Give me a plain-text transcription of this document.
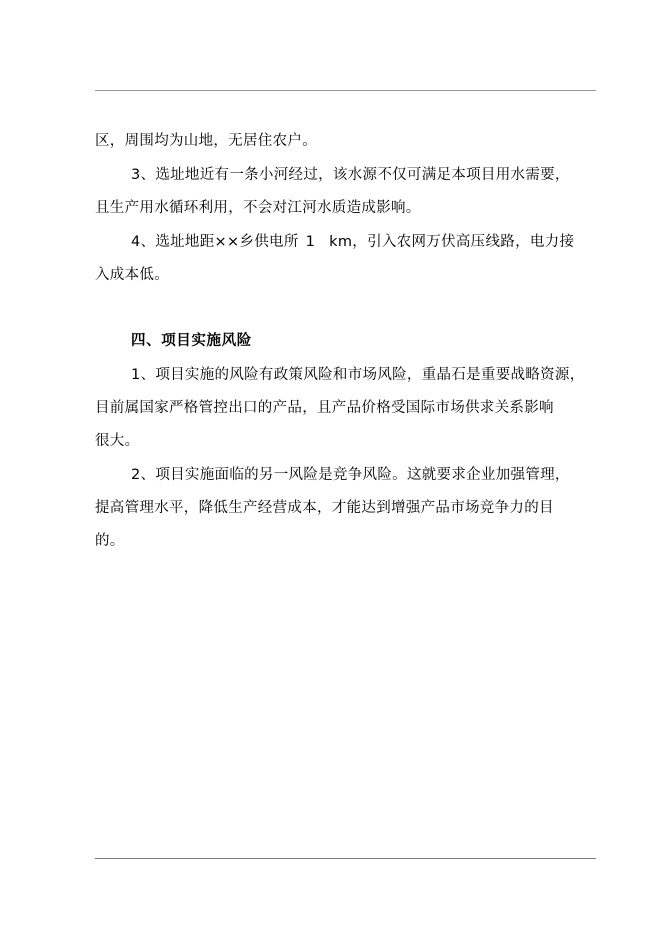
区，周围均为山地，无居住农户。
3、选址地近有一条小河经过，该水源不仅可满足本项目用水需要，
且生产用水循环利用，不会对江河水质造成影响。
4、选址地距××乡供电所 1 km，引入农网万伏高压线路，电力接
入成本低。
四、项目实施风险
1、项目实施的风险有政策风险和市场风险，重晶石是重要战略资源，
目前属国家严格管控出口的产品，且产品价格受国际市场供求关系影响
很大。
2、项目实施面临的另一风险是竞争风险。这就要求企业加强管理，
提高管理水平，降低生产经营成本，才能达到增强产品市场竞争力的目
的。
